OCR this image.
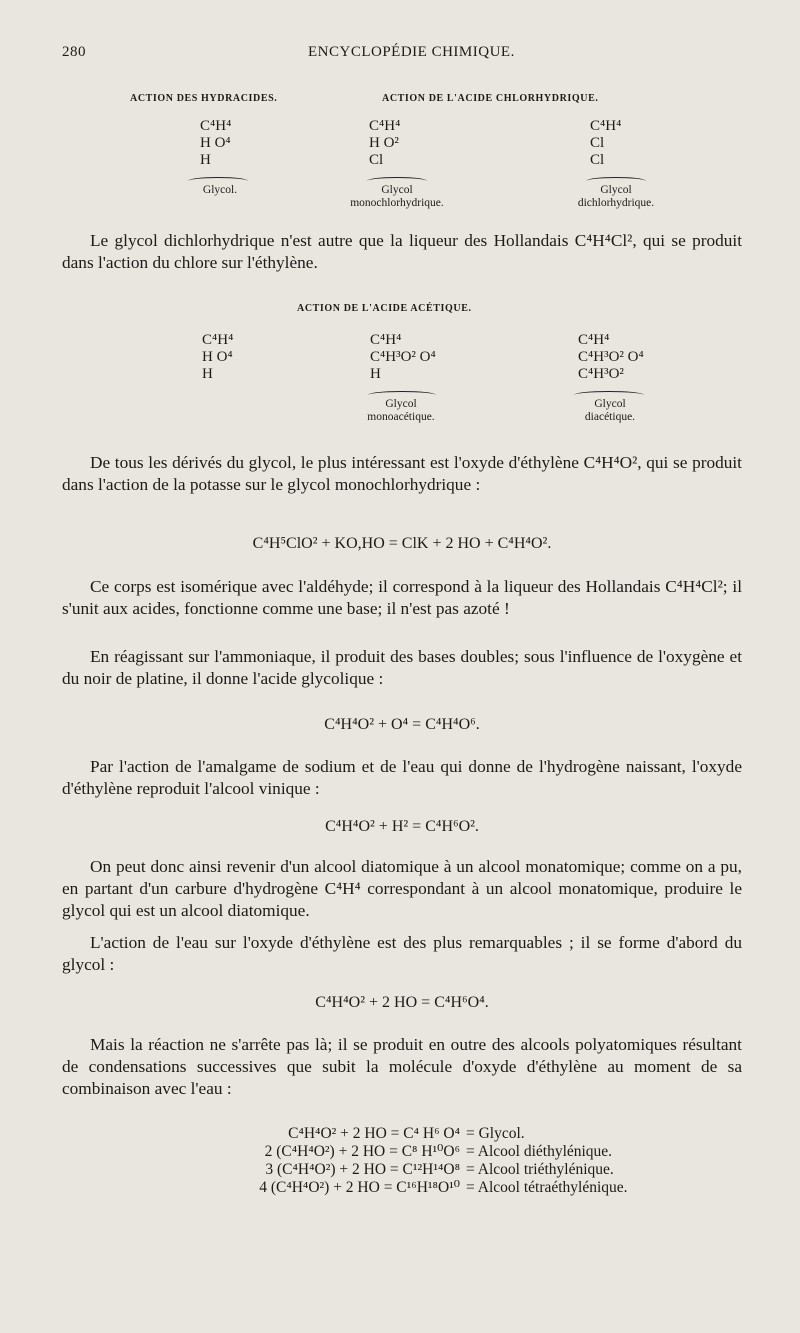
280	ENCYCLOPÉDIE CHIMIQUE.
ACTION DES HYDRACIDES.	ACTION DE L'ACIDE CHLORHYDRIQUE.
C⁴H⁴
H O⁴
H
Glycol.
C⁴H⁴
H O²
Cl
Glycol
monochlorhydrique.
C⁴H⁴
Cl
Cl
Glycol
dichlorhydrique.
Le glycol dichlorhydrique n'est autre que la liqueur des Hollandais C⁴H⁴Cl², qui se produit dans l'action du chlore sur l'éthylène.
ACTION DE L'ACIDE ACÉTIQUE.
C⁴H⁴
H O⁴
H
C⁴H⁴
C⁴H³O² O⁴
H
Glycol
monoacétique.
C⁴H⁴
C⁴H³O² O⁴
C⁴H³O²
Glycol
diacétique.
De tous les dérivés du glycol, le plus intéressant est l'oxyde d'éthylène C⁴H⁴O², qui se produit dans l'action de la potasse sur le glycol monochlorhydrique :
C⁴H⁵ClO² + KO,HO = ClK + 2 HO + C⁴H⁴O².
Ce corps est isomérique avec l'aldéhyde; il correspond à la liqueur des Hollandais C⁴H⁴Cl²; il s'unit aux acides, fonctionne comme une base; il n'est pas azoté !
En réagissant sur l'ammoniaque, il produit des bases doubles; sous l'influence de l'oxygène et du noir de platine, il donne l'acide glycolique :
C⁴H⁴O² + O⁴ = C⁴H⁴O⁶.
Par l'action de l'amalgame de sodium et de l'eau qui donne de l'hydrogène naissant, l'oxyde d'éthylène reproduit l'alcool vinique :
C⁴H⁴O² + H² = C⁴H⁶O².
On peut donc ainsi revenir d'un alcool diatomique à un alcool monatomique; comme on a pu, en partant d'un carbure d'hydrogène C⁴H⁴ correspondant à un alcool monatomique, produire le glycol qui est un alcool diatomique.
L'action de l'eau sur l'oxyde d'éthylène est des plus remarquables ; il se forme d'abord du glycol :
C⁴H⁴O² + 2 HO = C⁴H⁶O⁴.
Mais la réaction ne s'arrête pas là; il se produit en outre des alcools polyatomiques résultant de condensations successives que subit la molécule d'oxyde d'éthylène au moment de sa combinaison avec l'eau :
C⁴H⁴O² + 2 HO = C⁴ H⁶ O⁴ = Glycol.
2 (C⁴H⁴O²) + 2 HO = C⁸ H¹⁰O⁶ = Alcool diéthylénique.
3 (C⁴H⁴O²) + 2 HO = C¹²H¹⁴O⁸ = Alcool triéthylénique.
4 (C⁴H⁴O²) + 2 HO = C¹⁶H¹⁸O¹⁰ = Alcool tétraéthylénique.
